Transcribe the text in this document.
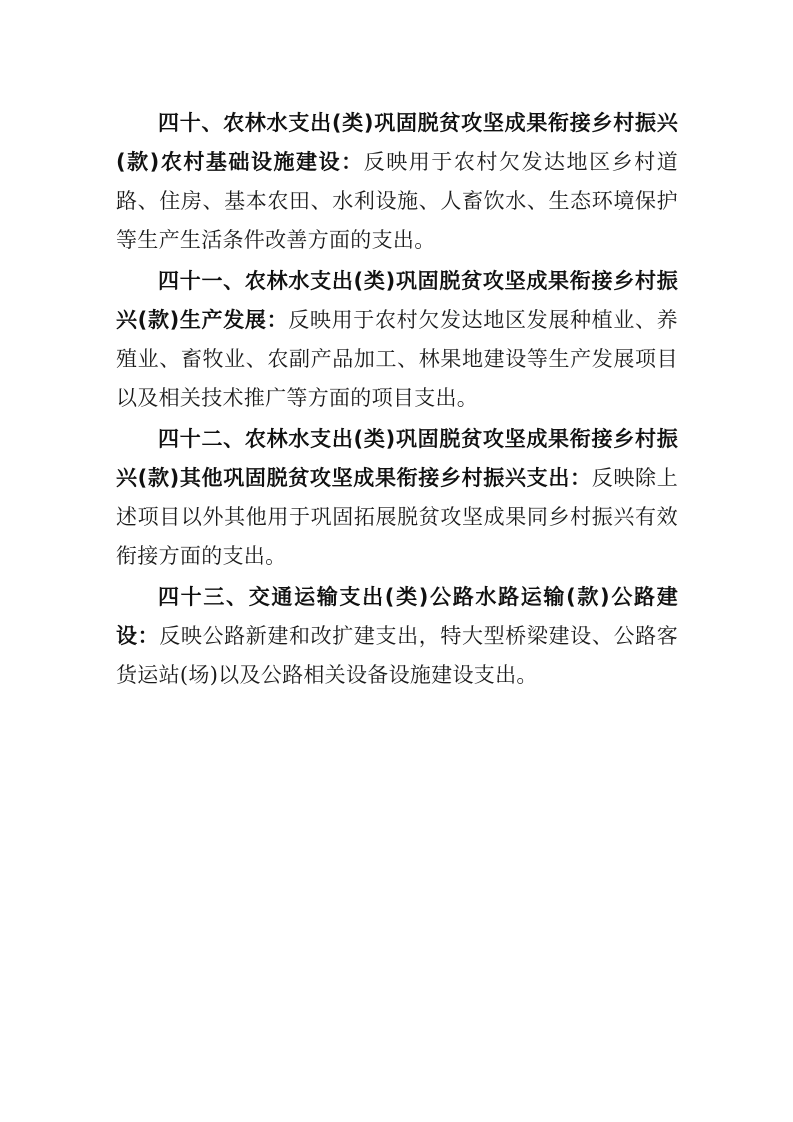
四十、农林水支出(类)巩固脱贫攻坚成果衔接乡村振兴(款)农村基础设施建设：反映用于农村欠发达地区乡村道路、住房、基本农田、水利设施、人畜饮水、生态环境保护等生产生活条件改善方面的支出。

四十一、农林水支出(类)巩固脱贫攻坚成果衔接乡村振兴(款)生产发展：反映用于农村欠发达地区发展种植业、养殖业、畜牧业、农副产品加工、林果地建设等生产发展项目以及相关技术推广等方面的项目支出。

四十二、农林水支出(类)巩固脱贫攻坚成果衔接乡村振兴(款)其他巩固脱贫攻坚成果衔接乡村振兴支出：反映除上述项目以外其他用于巩固拓展脱贫攻坚成果同乡村振兴有效衔接方面的支出。

四十三、交通运输支出(类)公路水路运输(款)公路建设：反映公路新建和改扩建支出，特大型桥梁建设、公路客货运站(场)以及公路相关设备设施建设支出。
